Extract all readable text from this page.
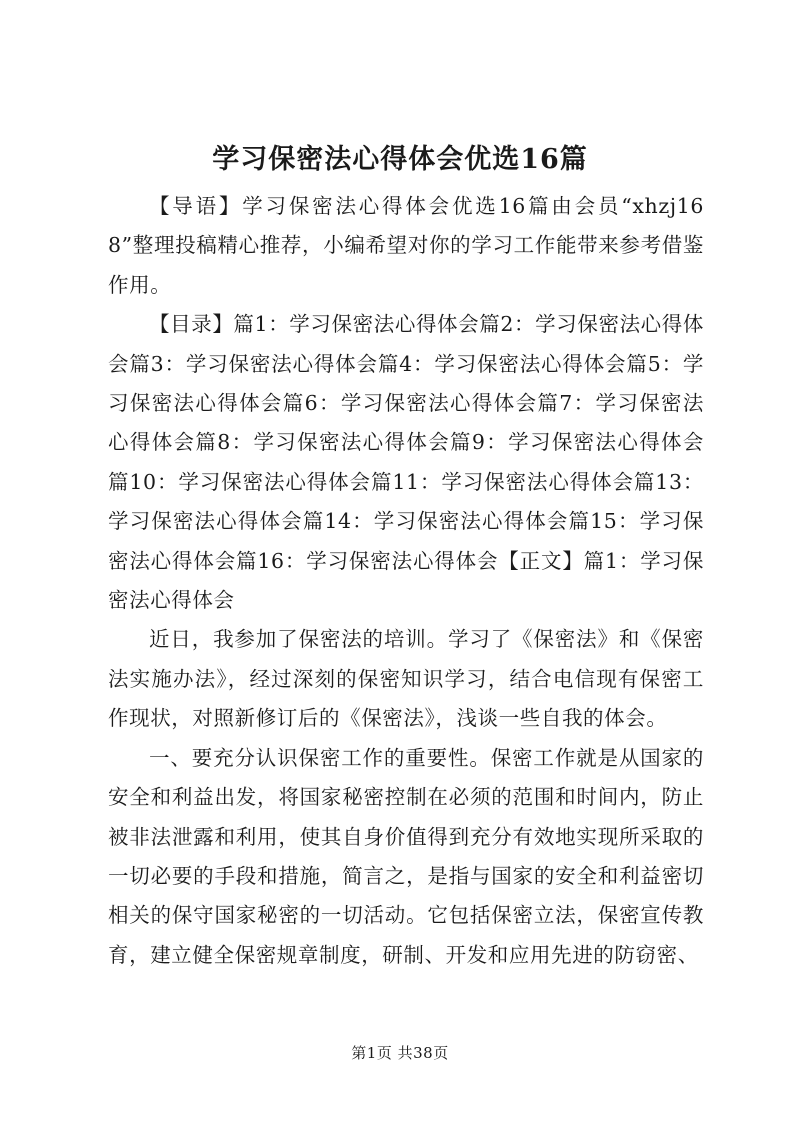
学习保密法心得体会优选16篇

【导语】学习保密法心得体会优选16篇由会员“xhzj168”整理投稿精心推荐，小编希望对你的学习工作能带来参考借鉴作用。

【目录】篇1：学习保密法心得体会篇2：学习保密法心得体会篇3：学习保密法心得体会篇4：学习保密法心得体会篇5：学习保密法心得体会篇6：学习保密法心得体会篇7：学习保密法心得体会篇8：学习保密法心得体会篇9：学习保密法心得体会篇10：学习保密法心得体会篇11：学习保密法心得体会篇13：学习保密法心得体会篇14：学习保密法心得体会篇15：学习保密法心得体会篇16：学习保密法心得体会【正文】篇1：学习保密法心得体会

近日，我参加了保密法的培训。学习了《保密法》和《保密法实施办法》，经过深刻的保密知识学习，结合电信现有保密工作现状，对照新修订后的《保密法》，浅谈一些自我的体会。

一、要充分认识保密工作的重要性。保密工作就是从国家的安全和利益出发，将国家秘密控制在必须的范围和时间内，防止被非法泄露和利用，使其自身价值得到充分有效地实现所采取的一切必要的手段和措施，简言之，是指与国家的安全和利益密切相关的保守国家秘密的一切活动。它包括保密立法，保密宣传教育，建立健全保密规章制度，研制、开发和应用先进的防窃密、

第1页 共38页
